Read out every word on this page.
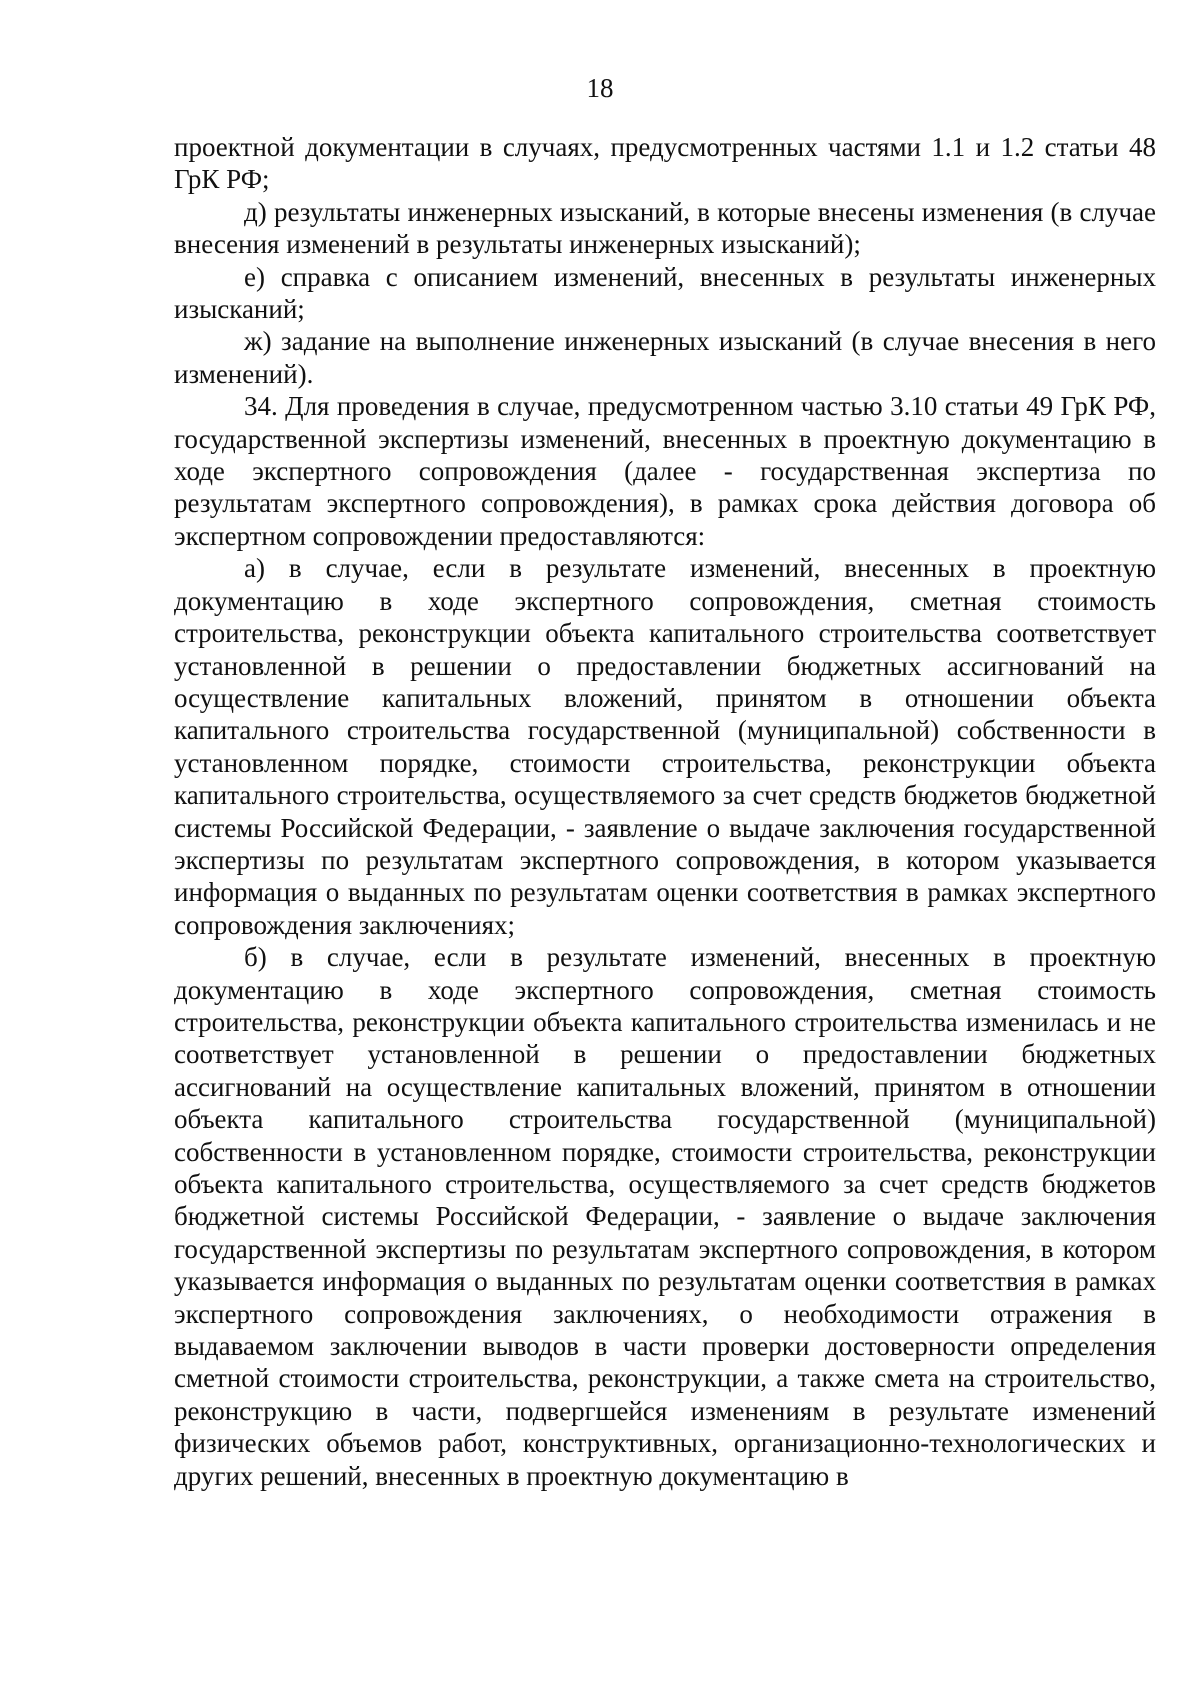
18

проектной документации в случаях, предусмотренных частями 1.1 и 1.2 статьи 48 ГрК РФ;

д) результаты инженерных изысканий, в которые внесены изменения (в случае внесения изменений в результаты инженерных изысканий);

е) справка с описанием изменений, внесенных в результаты инженерных изысканий;

ж) задание на выполнение инженерных изысканий (в случае внесения в него изменений).

34. Для проведения в случае, предусмотренном частью 3.10 статьи 49 ГрК РФ, государственной экспертизы изменений, внесенных в проектную документацию в ходе экспертного сопровождения (далее - государственная экспертиза по результатам экспертного сопровождения), в рамках срока действия договора об экспертном сопровождении предоставляются:

а) в случае, если в результате изменений, внесенных в проектную документацию в ходе экспертного сопровождения, сметная стоимость строительства, реконструкции объекта капитального строительства соответствует установленной в решении о предоставлении бюджетных ассигнований на осуществление капитальных вложений, принятом в отношении объекта капитального строительства государственной (муниципальной) собственности в установленном порядке, стоимости строительства, реконструкции объекта капитального строительства, осуществляемого за счет средств бюджетов бюджетной системы Российской Федерации, - заявление о выдаче заключения государственной экспертизы по результатам экспертного сопровождения, в котором указывается информация о выданных по результатам оценки соответствия в рамках экспертного сопровождения заключениях;

б) в случае, если в результате изменений, внесенных в проектную документацию в ходе экспертного сопровождения, сметная стоимость строительства, реконструкции объекта капитального строительства изменилась и не соответствует установленной в решении о предоставлении бюджетных ассигнований на осуществление капитальных вложений, принятом в отношении объекта капитального строительства государственной (муниципальной) собственности в установленном порядке, стоимости строительства, реконструкции объекта капитального строительства, осуществляемого за счет средств бюджетов бюджетной системы Российской Федерации, - заявление о выдаче заключения государственной экспертизы по результатам экспертного сопровождения, в котором указывается информация о выданных по результатам оценки соответствия в рамках экспертного сопровождения заключениях, о необходимости отражения в выдаваемом заключении выводов в части проверки достоверности определения сметной стоимости строительства, реконструкции, а также смета на строительство, реконструкцию в части, подвергшейся изменениям в результате изменений физических объемов работ, конструктивных, организационно-технологических и других решений, внесенных в проектную документацию в
